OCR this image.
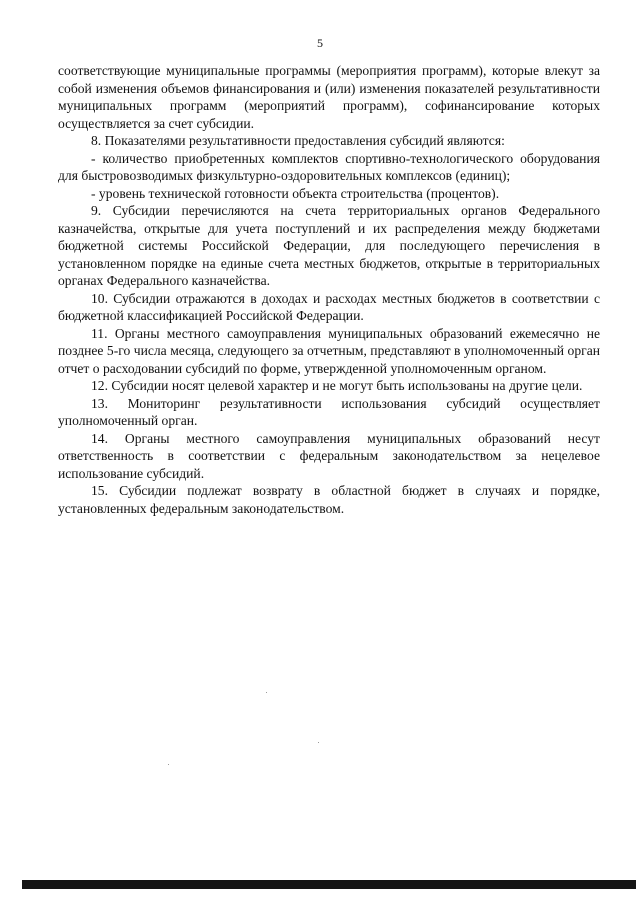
5

соответствующие муниципальные программы (мероприятия программ), которые влекут за собой изменения объемов финансирования и (или) изменения показателей результативности муниципальных программ (мероприятий программ), софинансирование которых осуществляется за счет субсидии.

8. Показателями результативности предоставления субсидий являются:

- количество приобретенных комплектов спортивно-технологического оборудования для быстровозводимых физкультурно-оздоровительных комплексов (единиц);

- уровень технической готовности объекта строительства (процентов).

9. Субсидии перечисляются на счета территориальных органов Федерального казначейства, открытые для учета поступлений и их распределения между бюджетами бюджетной системы Российской Федерации, для последующего перечисления в установленном порядке на единые счета местных бюджетов, открытые в территориальных органах Федерального казначейства.

10. Субсидии отражаются в доходах и расходах местных бюджетов в соответствии с бюджетной классификацией Российской Федерации.

11. Органы местного самоуправления муниципальных образований ежемесячно не позднее 5-го числа месяца, следующего за отчетным, представляют в уполномоченный орган отчет о расходовании субсидий по форме, утвержденной уполномоченным органом.

12. Субсидии носят целевой характер и не могут быть использованы на другие цели.

13. Мониторинг результативности использования субсидий осуществляет уполномоченный орган.

14. Органы местного самоуправления муниципальных образований несут ответственность в соответствии с федеральным законодательством за нецелевое использование субсидий.

15. Субсидии подлежат возврату в областной бюджет в случаях и порядке, установленных федеральным законодательством.
